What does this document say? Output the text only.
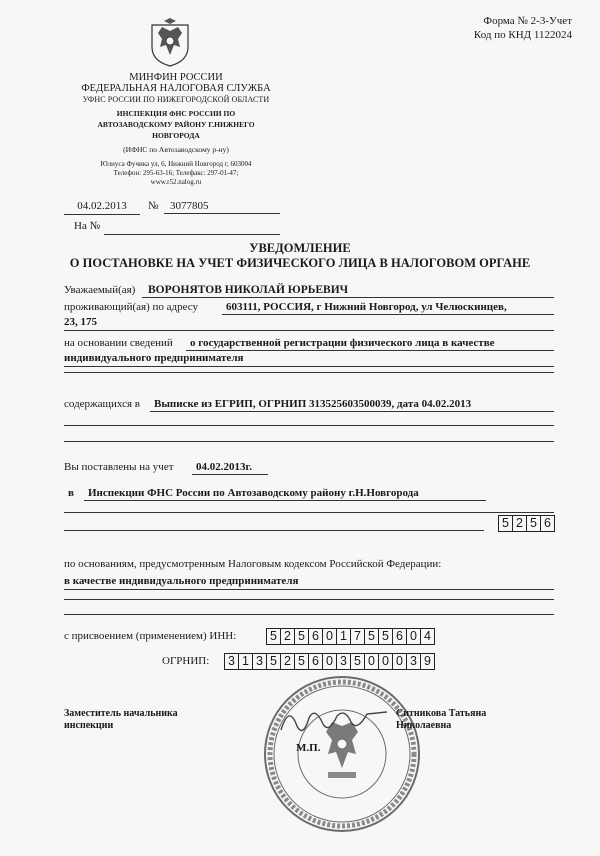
Форма № 2-3-Учет
Код по КНД 1122024
МИНФИН РОССИИ
ФЕДЕРАЛЬНАЯ НАЛОГОВАЯ СЛУЖБА
УФНС РОССИИ ПО НИЖЕГОРОДСКОЙ ОБЛАСТИ
ИНСПЕКЦИЯ ФНС РОССИИ ПО
АВТОЗАВОДСКОМУ РАЙОНУ Г.НИЖНЕГО
НОВГОРОДА
(ИФНС по Автозаводскому р-ну)
Юлиуса Фучика ул, 6, Нижний Новгород г, 603004
Телефон: 295-63-16; Телефакс: 297-01-47;
www.r52.nalog.ru
04.02.2013	№	3077805
На №
УВЕДОМЛЕНИЕ
О ПОСТАНОВКЕ НА УЧЕТ ФИЗИЧЕСКОГО ЛИЦА В НАЛОГОВОМ ОРГАНЕ
Уважаемый(ая)	ВОРОНЯТОВ НИКОЛАЙ ЮРЬЕВИЧ
проживающий(ая) по адресу	603111, РОССИЯ, г Нижний Новгород, ул Челюскинцев,
23, 175
на основании сведений	о государственной регистрации физического лица в качестве
индивидуального предпринимателя
содержащихся в	Выписке из ЕГРИП, ОГРНИП 313525603500039, дата 04.02.2013
Вы поставлены на учет	04.02.2013г.
в	Инспекции ФНС России по Автозаводскому району г.Н.Новгорода
5 2 5 6
по основаниям, предусмотренным Налоговым кодексом Российской Федерации:
в качестве индивидуального предпринимателя
с присвоением (применением) ИНН:	5 2 5 6 0 1 7 5 5 6 0 4
ОГРНИП: 3 1 3 5 2 5 6 0 3 5 0 0 0 3 9
Заместитель начальника
инспекции
Ситникова Татьяна
Николаевна
М.П.
